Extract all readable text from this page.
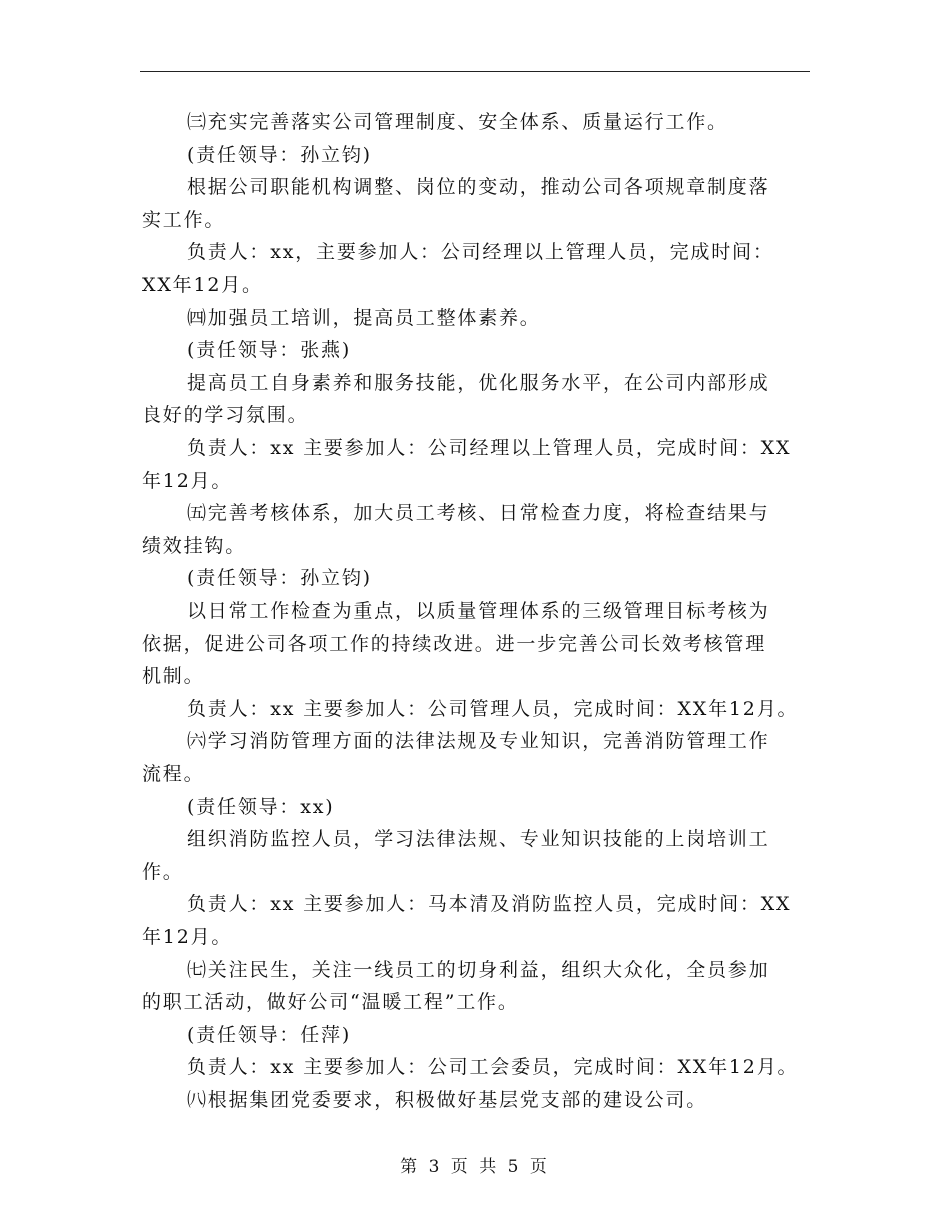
㈢充实完善落实公司管理制度、安全体系、质量运行工作。
(责任领导：孙立钧)
根据公司职能机构调整、岗位的变动，推动公司各项规章制度落
实工作。
负责人：xx，主要参加人：公司经理以上管理人员，完成时间：
XX年12月。
㈣加强员工培训，提高员工整体素养。
(责任领导：张燕)
提高员工自身素养和服务技能，优化服务水平，在公司内部形成
良好的学习氛围。
负责人：xx 主要参加人：公司经理以上管理人员，完成时间：XX
年12月。
㈤完善考核体系，加大员工考核、日常检查力度，将检查结果与
绩效挂钩。
(责任领导：孙立钧)
以日常工作检查为重点，以质量管理体系的三级管理目标考核为
依据，促进公司各项工作的持续改进。进一步完善公司长效考核管理
机制。
负责人：xx 主要参加人：公司管理人员，完成时间：XX年12月。
㈥学习消防管理方面的法律法规及专业知识，完善消防管理工作
流程。
(责任领导：xx)
组织消防监控人员，学习法律法规、专业知识技能的上岗培训工
作。
负责人：xx 主要参加人：马本清及消防监控人员，完成时间：XX
年12月。
㈦关注民生，关注一线员工的切身利益，组织大众化，全员参加
的职工活动，做好公司“温暖工程”工作。
(责任领导：任萍)
负责人：xx 主要参加人：公司工会委员，完成时间：XX年12月。
㈧根据集团党委要求，积极做好基层党支部的建设公司。
第 3 页 共 5 页
